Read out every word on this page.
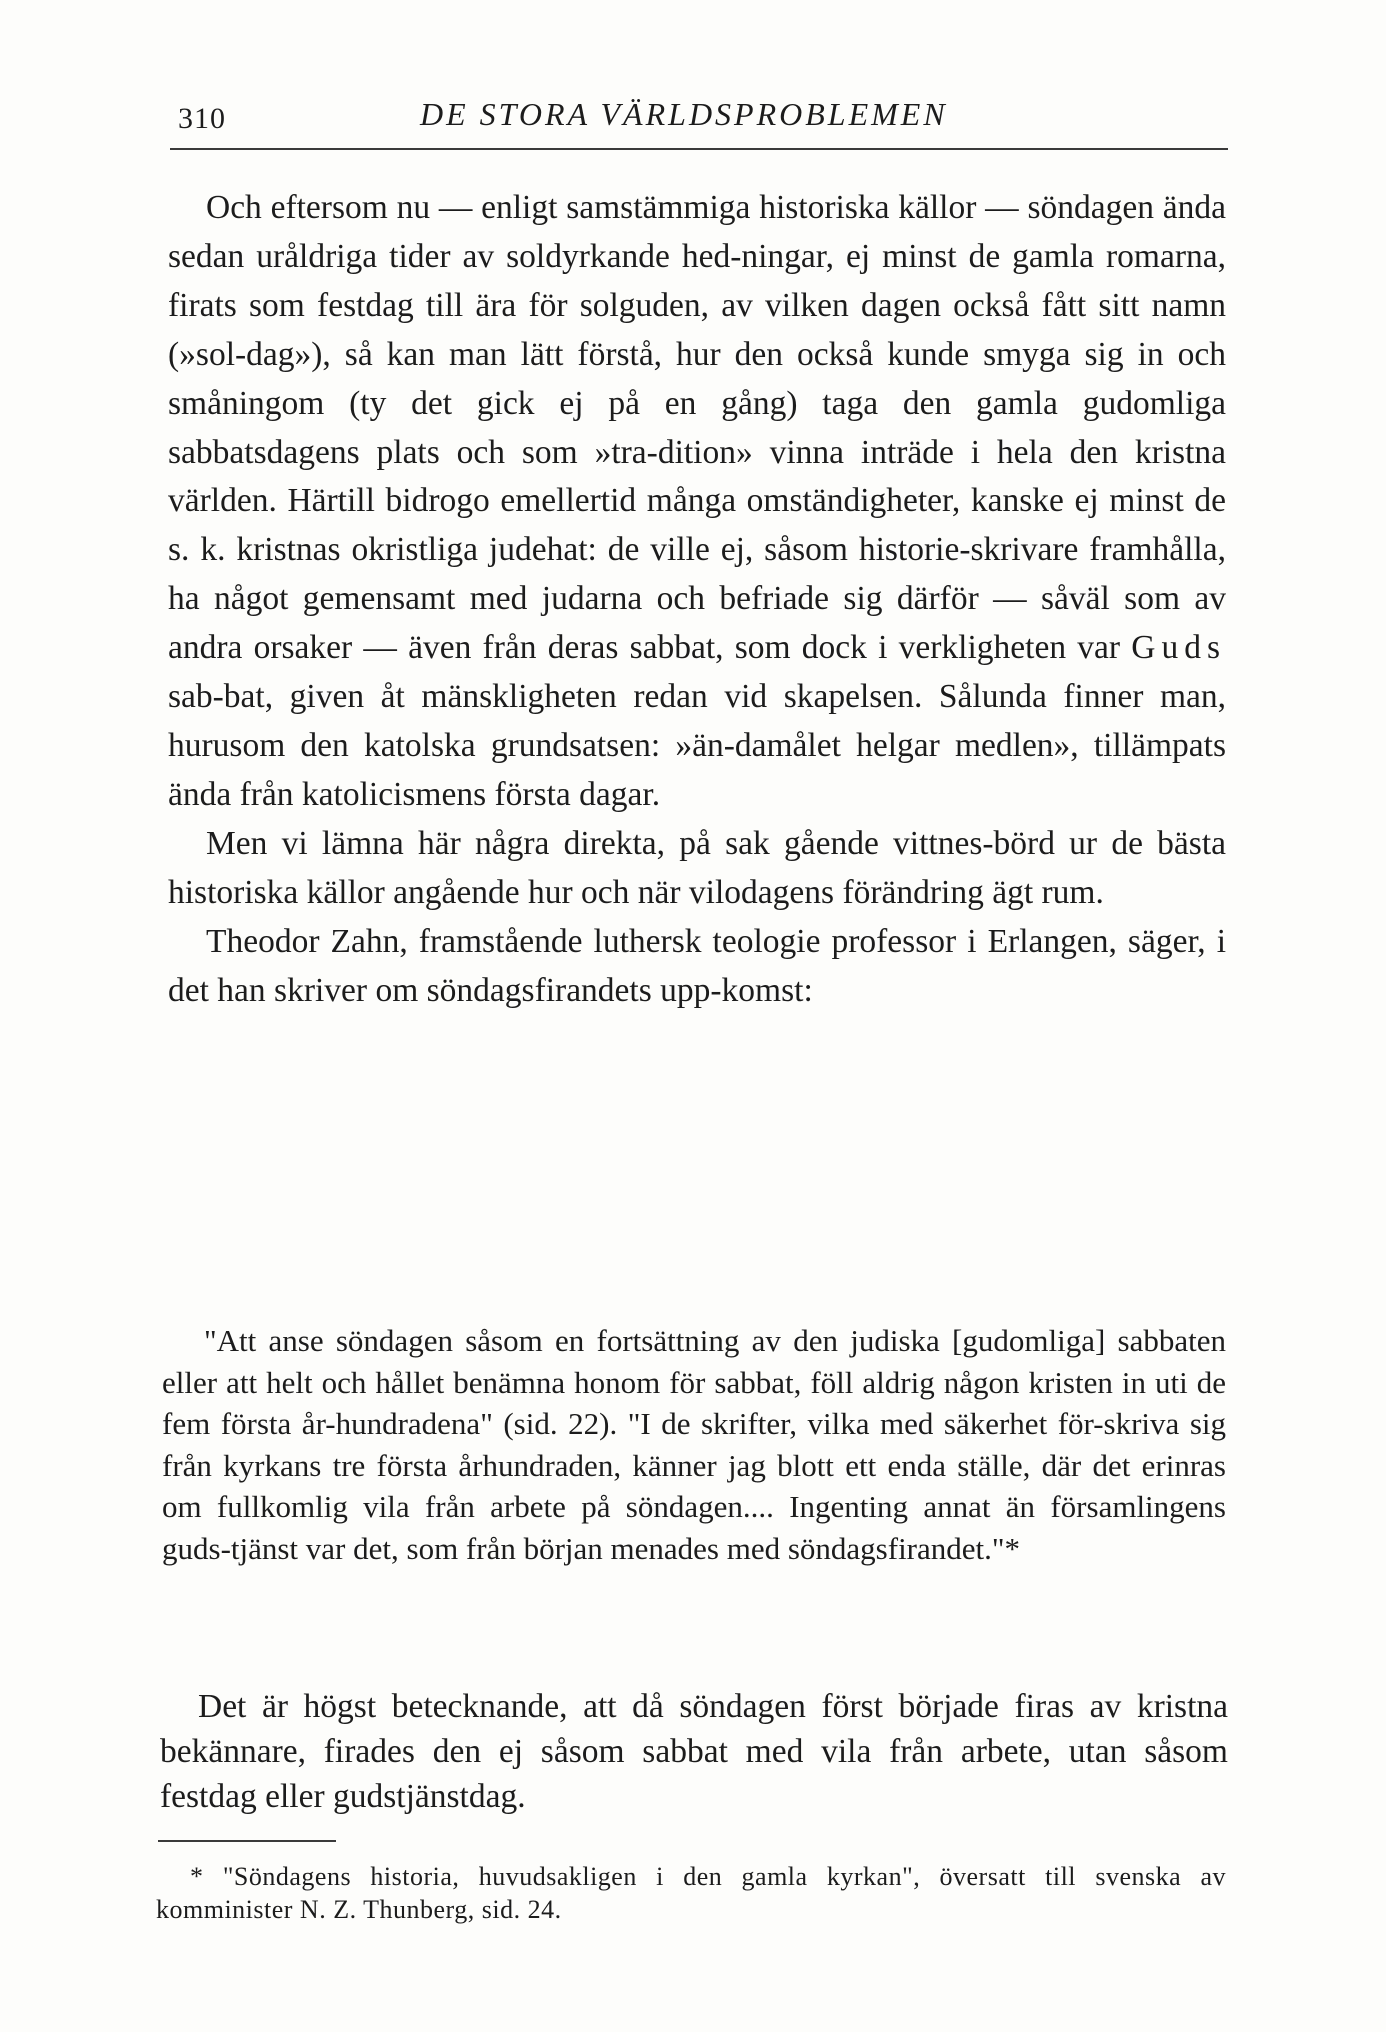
310	DE STORA VÄRLDSPROBLEMEN

Och eftersom nu — enligt samstämmiga historiska källor — söndagen ända sedan uråldriga tider av soldyrkande hed-ningar, ej minst de gamla romarna, firats som festdag till ära för solguden, av vilken dagen också fått sitt namn (»sol-dag»), så kan man lätt förstå, hur den också kunde smyga sig in och småningom (ty det gick ej på en gång) taga den gamla gudomliga sabbatsdagens plats och som »tra-dition» vinna inträde i hela den kristna världen. Härtill bidrogo emellertid många omständigheter, kanske ej minst de s. k. kristnas okristliga judehat: de ville ej, såsom historie-skrivare framhålla, ha något gemensamt med judarna och befriade sig därför — såväl som av andra orsaker — även från deras sabbat, som dock i verkligheten var Guds sab-bat, given åt mänskligheten redan vid skapelsen. Sålunda finner man, hurusom den katolska grundsatsen: »än-damålet helgar medlen», tillämpats ända från katolicismens första dagar.

Men vi lämna här några direkta, på sak gående vittnes-börd ur de bästa historiska källor angående hur och när vilodagens förändring ägt rum.

Theodor Zahn, framstående luthersk teologie professor i Erlangen, säger, i det han skriver om söndagsfirandets upp-komst:

"Att anse söndagen såsom en fortsättning av den judiska [gudomliga] sabbaten eller att helt och hållet benämna honom för sabbat, föll aldrig någon kristen in uti de fem första år-hundradena" (sid. 22). "I de skrifter, vilka med säkerhet för-skriva sig från kyrkans tre första århundraden, känner jag blott ett enda ställe, där det erinras om fullkomlig vila från arbete på söndagen.... Ingenting annat än församlingens guds-tjänst var det, som från början menades med söndagsfirandet."*

Det är högst betecknande, att då söndagen först började firas av kristna bekännare, firades den ej såsom sabbat med vila från arbete, utan såsom festdag eller gudstjänstdag.

* "Söndagens historia, huvudsakligen i den gamla kyrkan", översatt till svenska av komminister N. Z. Thunberg, sid. 24.
